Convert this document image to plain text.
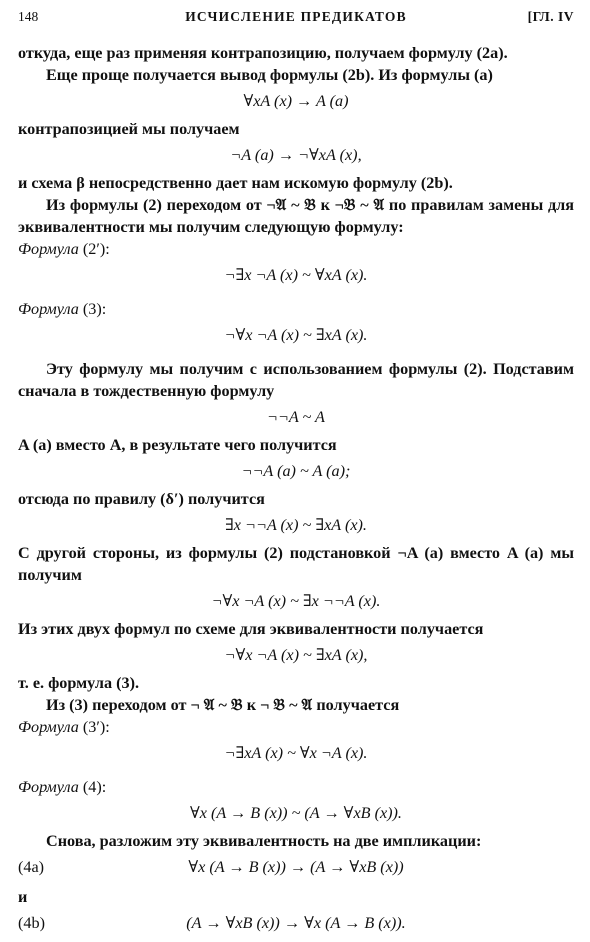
148	ИСЧИСЛЕНИЕ ПРЕДИКАТОВ	[ГЛ. IV

откуда, еще раз применяя контрапозицию, получаем формулу (2a).

Еще проще получается вывод формулы (2b). Из формулы (a)

∀xA (x) → A (a)

контрапозицией мы получаем

¬A (a) → ¬∀xA (x),

и схема β непосредственно дает нам искомую формулу (2b).

Из формулы (2) переходом от ¬𝔄 ~ 𝔅 к ¬𝔅 ~ 𝔄 по правилам замены для эквивалентности мы получим следующую формулу:

Формула (2′):

¬∃x ¬A (x) ~ ∀xA (x).

Формула (3):

¬∀x ¬A (x) ~ ∃xA (x).

Эту формулу мы получим с использованием формулы (2). Подставим сначала в тождественную формулу

¬¬A ~ A

A (a) вместо A, в результате чего получится

¬¬A (a) ~ A (a);

отсюда по правилу (δ′) получится

∃x ¬¬A (x) ~ ∃xA (x).

С другой стороны, из формулы (2) подстановкой ¬A (a) вместо A (a) мы получим

¬∀x ¬A (x) ~ ∃x ¬¬A (x).

Из этих двух формул по схеме для эквивалентности получается

¬∀x ¬A (x) ~ ∃xA (x),

т. е. формула (3).

Из (3) переходом от ¬ 𝔄 ~ 𝔅 к ¬ 𝔅 ~ 𝔄 получается

Формула (3′):

¬∃xA (x) ~ ∀x ¬A (x).

Формула (4):

∀x (A → B (x)) ~ (A → ∀xB (x)).

Снова, разложим эту эквивалентность на две импликации:

(4a)	∀x (A → B (x)) → (A → ∀xB (x))

и

(4b)	(A → ∀xB (x)) → ∀x (A → B (x)).
